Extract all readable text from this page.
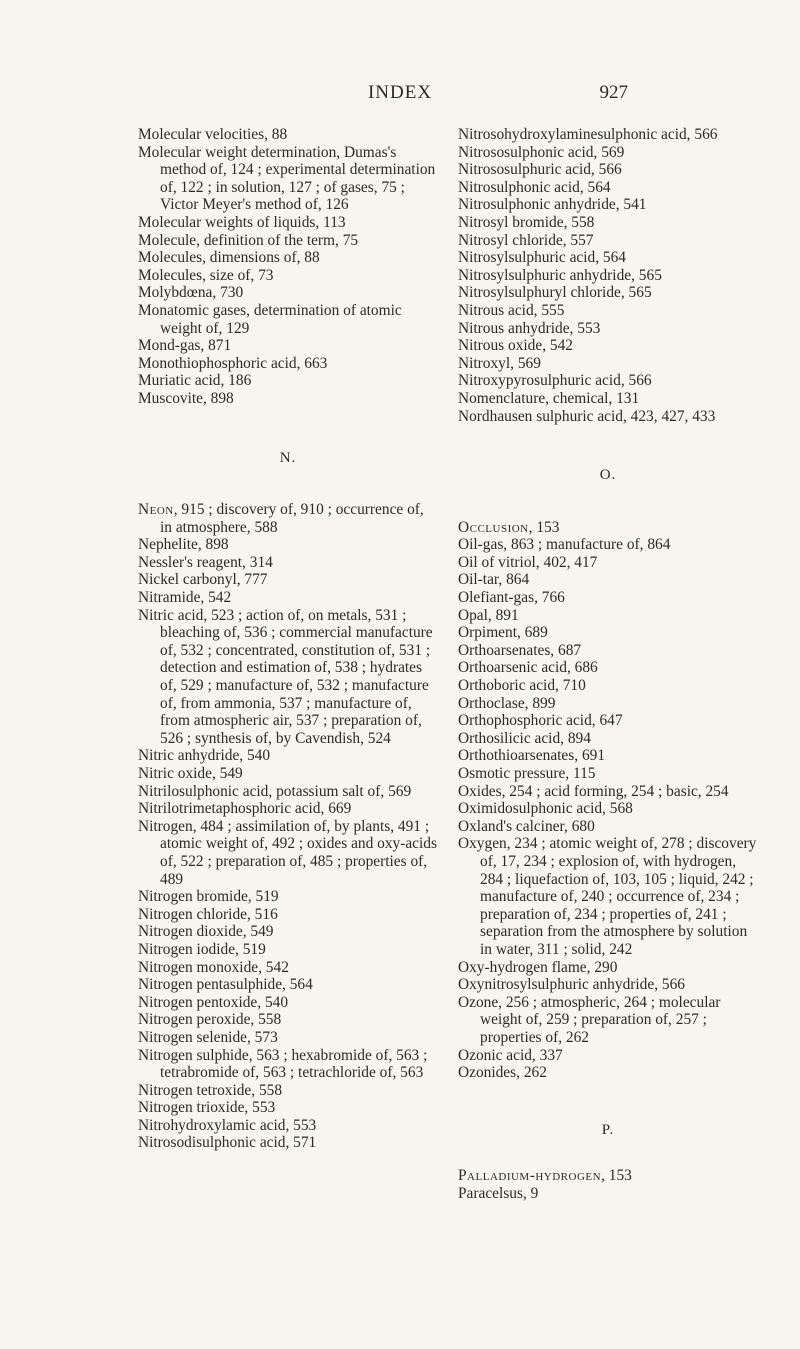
INDEX	927
Molecular velocities, 88
Molecular weight determination, Dumas's method of, 124 ; experimental determination of, 122 ; in solution, 127 ; of gases, 75 ; Victor Meyer's method of, 126
Molecular weights of liquids, 113
Molecule, definition of the term, 75
Molecules, dimensions of, 88
Molecules, size of, 73
Molybdœna, 730
Monatomic gases, determination of atomic weight of, 129
Mond-gas, 871
Monothiophosphoric acid, 663
Muriatic acid, 186
Muscovite, 898
N.
Neon, 915 ; discovery of, 910 ; occurrence of, in atmosphere, 588
Nephelite, 898
Nessler's reagent, 314
Nickel carbonyl, 777
Nitramide, 542
Nitric acid, 523 ; action of, on metals, 531 ; bleaching of, 536 ; commercial manufacture of, 532 ; concentrated, constitution of, 531 ; detection and estimation of, 538 ; hydrates of, 529 ; manufacture of, 532 ; manufacture of, from ammonia, 537 ; manufacture of, from atmospheric air, 537 ; preparation of, 526 ; synthesis of, by Cavendish, 524
Nitric anhydride, 540
Nitric oxide, 549
Nitrilosulphonic acid, potassium salt of, 569
Nitrilotrimetaphosphoric acid, 669
Nitrogen, 484 ; assimilation of, by plants, 491 ; atomic weight of, 492 ; oxides and oxy-acids of, 522 ; preparation of, 485 ; properties of, 489
Nitrogen bromide, 519
Nitrogen chloride, 516
Nitrogen dioxide, 549
Nitrogen iodide, 519
Nitrogen monoxide, 542
Nitrogen pentasulphide, 564
Nitrogen pentoxide, 540
Nitrogen peroxide, 558
Nitrogen selenide, 573
Nitrogen sulphide, 563 ; hexabromide of, 563 ; tetrabromide of, 563 ; tetrachloride of, 563
Nitrogen tetroxide, 558
Nitrogen trioxide, 553
Nitrohydroxylamic acid, 553
Nitrosodisulphonic acid, 571
Nitrosohydroxylaminesulphonic acid, 566
Nitrososulphonic acid, 569
Nitrososulphuric acid, 566
Nitrosulphonic acid, 564
Nitrosulphonic anhydride, 541
Nitrosyl bromide, 558
Nitrosyl chloride, 557
Nitrosylsulphuric acid, 564
Nitrosylsulphuric anhydride, 565
Nitrosylsulphuryl chloride, 565
Nitrous acid, 555
Nitrous anhydride, 553
Nitrous oxide, 542
Nitroxyl, 569
Nitroxypyrosulphuric acid, 566
Nomenclature, chemical, 131
Nordhausen sulphuric acid, 423, 427, 433
O.
Occlusion, 153
Oil-gas, 863 ; manufacture of, 864
Oil of vitriol, 402, 417
Oil-tar, 864
Olefiant-gas, 766
Opal, 891
Orpiment, 689
Orthoarsenates, 687
Orthoarsenic acid, 686
Orthoboric acid, 710
Orthoclase, 899
Orthophosphoric acid, 647
Orthosilicic acid, 894
Orthothioarsenates, 691
Osmotic pressure, 115
Oxides, 254 ; acid forming, 254 ; basic, 254
Oximidosulphonic acid, 568
Oxland's calciner, 680
Oxygen, 234 ; atomic weight of, 278 ; discovery of, 17, 234 ; explosion of, with hydrogen, 284 ; liquefaction of, 103, 105 ; liquid, 242 ; manufacture of, 240 ; occurrence of, 234 ; preparation of, 234 ; properties of, 241 ; separation from the atmosphere by solution in water, 311 ; solid, 242
Oxy-hydrogen flame, 290
Oxynitrosylsulphuric anhydride, 566
Ozone, 256 ; atmospheric, 264 ; molecular weight of, 259 ; preparation of, 257 ; properties of, 262
Ozonic acid, 337
Ozonides, 262
P.
Palladium-hydrogen, 153
Paracelsus, 9
